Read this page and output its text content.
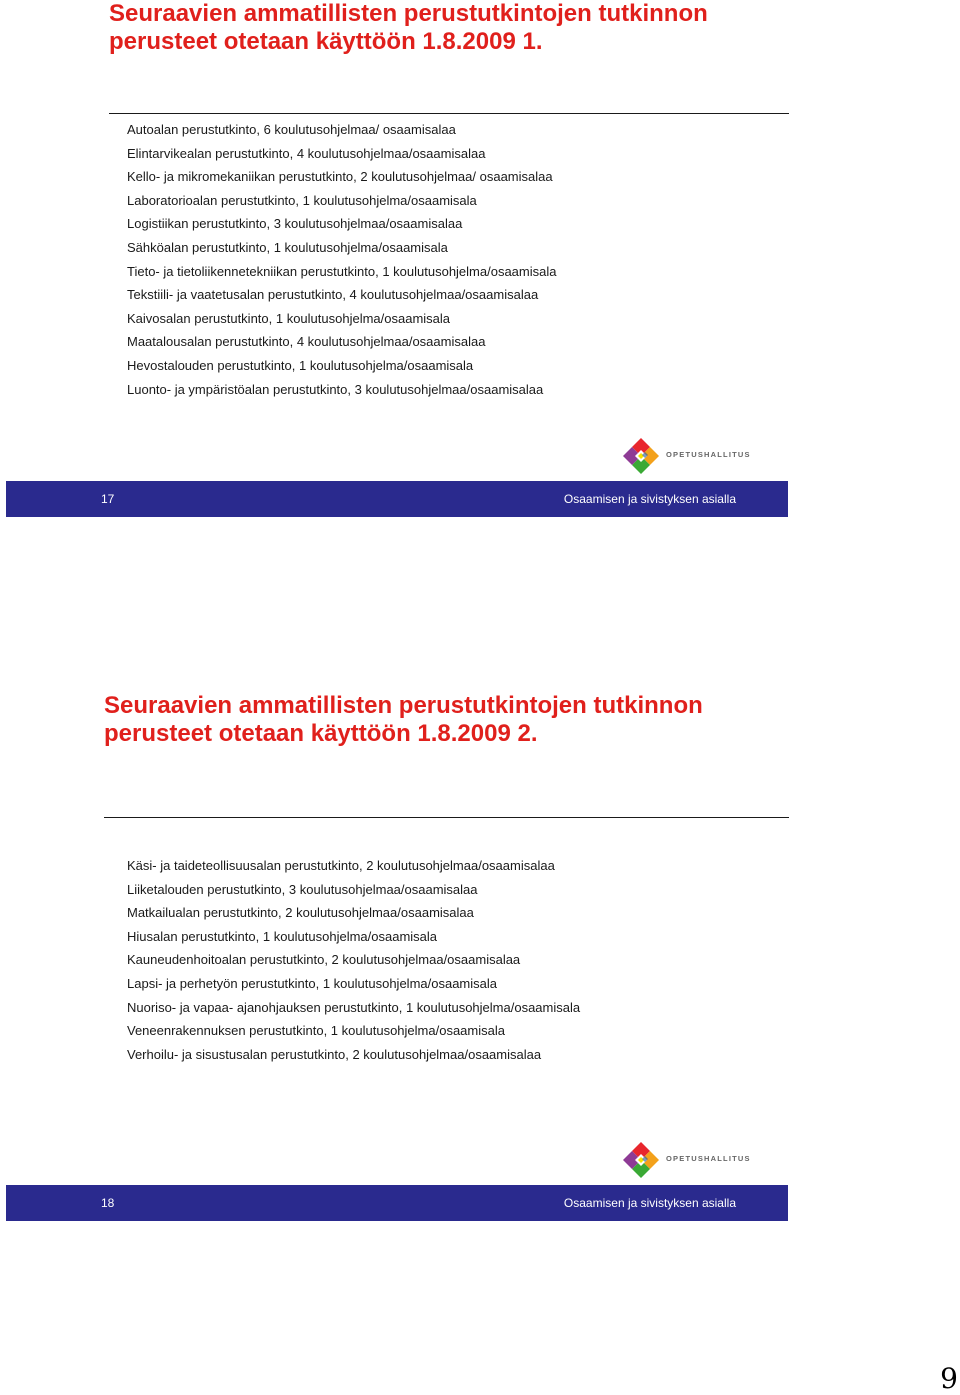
Seuraavien ammatillisten perustutkintojen tutkinnon perusteet otetaan käyttöön 1.8.2009 1.
Autoalan perustutkinto, 6 koulutusohjelmaa/ osaamisalaa
Elintarvikealan perustutkinto, 4 koulutusohjelmaa/osaamisalaa
Kello- ja mikromekaniikan perustutkinto, 2 koulutusohjelmaa/ osaamisalaa
Laboratorioalan perustutkinto, 1 koulutusohjelma/osaamisala
Logistiikan perustutkinto, 3 koulutusohjelmaa/osaamisalaa
Sähköalan perustutkinto, 1 koulutusohjelma/osaamisala
Tieto- ja tietoliikennetekniikan perustutkinto, 1 koulutusohjelma/osaamisala
Tekstiili- ja vaatetusalan perustutkinto, 4 koulutusohjelmaa/osaamisalaa
Kaivosalan perustutkinto, 1 koulutusohjelma/osaamisala
Maatalousalan perustutkinto, 4 koulutusohjelmaa/osaamisalaa
Hevostalouden perustutkinto, 1 koulutusohjelma/osaamisala
Luonto- ja ympäristöalan perustutkinto, 3 koulutusohjelmaa/osaamisalaa
OPETUSHALLITUS
17	Osaamisen ja sivistyksen asialla
Seuraavien ammatillisten perustutkintojen tutkinnon perusteet otetaan käyttöön 1.8.2009 2.
Käsi- ja taideteollisuusalan perustutkinto, 2 koulutusohjelmaa/osaamisalaa
Liiketalouden perustutkinto, 3 koulutusohjelmaa/osaamisalaa
Matkailualan perustutkinto, 2 koulutusohjelmaa/osaamisalaa
Hiusalan perustutkinto, 1 koulutusohjelma/osaamisala
Kauneudenhoitoalan perustutkinto, 2 koulutusohjelmaa/osaamisalaa
Lapsi- ja perhetyön perustutkinto, 1 koulutusohjelma/osaamisala
Nuoriso- ja vapaa- ajanohjauksen perustutkinto, 1 koulutusohjelma/osaamisala
Veneenrakennuksen perustutkinto, 1 koulutusohjelma/osaamisala
Verhoilu- ja sisustusalan perustutkinto, 2 koulutusohjelmaa/osaamisalaa
OPETUSHALLITUS
18	Osaamisen ja sivistyksen asialla
9
